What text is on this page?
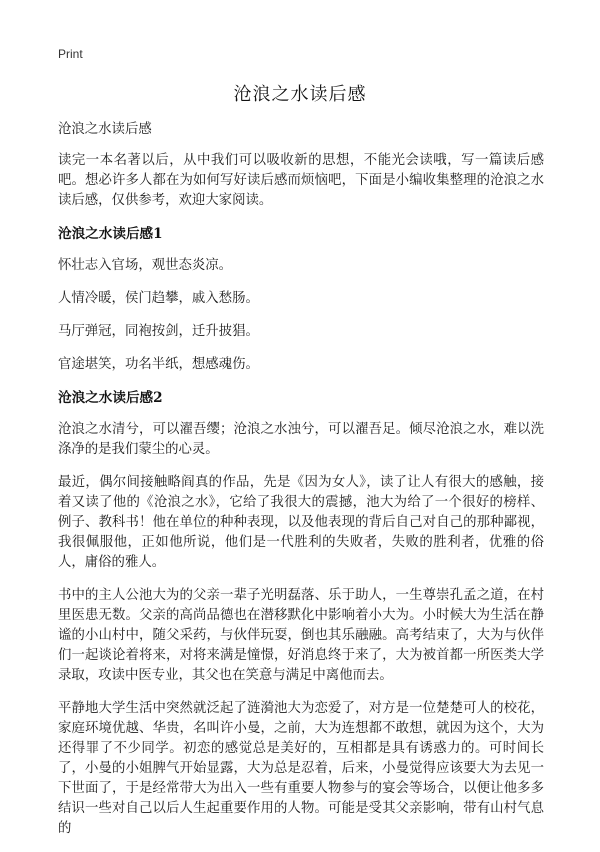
Print
沧浪之水读后感

沧浪之水读后感

读完一本名著以后，从中我们可以吸收新的思想，不能光会读哦，写一篇读后感吧。想必许多人都在为如何写好读后感而烦恼吧，下面是小编收集整理的沧浪之水读后感，仅供参考，欢迎大家阅读。

沧浪之水读后感1

怀壮志入官场，观世态炎凉。

人情冷暖，侯门趋攀，戚入愁肠。

马厅弹冠，同袍按剑，迁升披猖。

官途堪笑，功名半纸，想感魂伤。

沧浪之水读后感2

沧浪之水清兮，可以濯吾缨；沧浪之水浊兮，可以濯吾足。倾尽沧浪之水，难以洗涤净的是我们蒙尘的心灵。

最近，偶尔间接触略阎真的作品，先是《因为女人》，读了让人有很大的感触，接着又读了他的《沧浪之水》，它给了我很大的震撼，池大为给了一个很好的榜样、例子、教科书！他在单位的种种表现，以及他表现的背后自己对自己的那种鄙视，我很佩服他，正如他所说，他们是一代胜利的失败者，失败的胜利者，优雅的俗人，庸俗的雅人。

书中的主人公池大为的父亲一辈子光明磊落、乐于助人，一生尊崇孔孟之道，在村里医患无数。父亲的高尚品德也在潜移默化中影响着小大为。小时候大为生活在静谧的小山村中，随父采药，与伙伴玩耍，倒也其乐融融。高考结束了，大为与伙伴们一起谈论着将来，对将来满是憧憬，好消息终于来了，大为被首都一所医类大学录取，攻读中医专业，其父也在笑意与满足中离他而去。

平静地大学生活中突然就泛起了涟漪池大为恋爱了，对方是一位楚楚可人的校花，家庭环境优越、华贵，名叫许小曼，之前，大为连想都不敢想，就因为这个，大为还得罪了不少同学。初恋的感觉总是美好的，互相都是具有诱惑力的。可时间长了，小曼的小姐脾气开始显露，大为总是忍着，后来，小曼觉得应该要大为去见一下世面了，于是经常带大为出入一些有重要人物参与的宴会等场合，以便让他多多结识一些对自己以后人生起重要作用的人物。可能是受其父亲影响，带有山村气息的
